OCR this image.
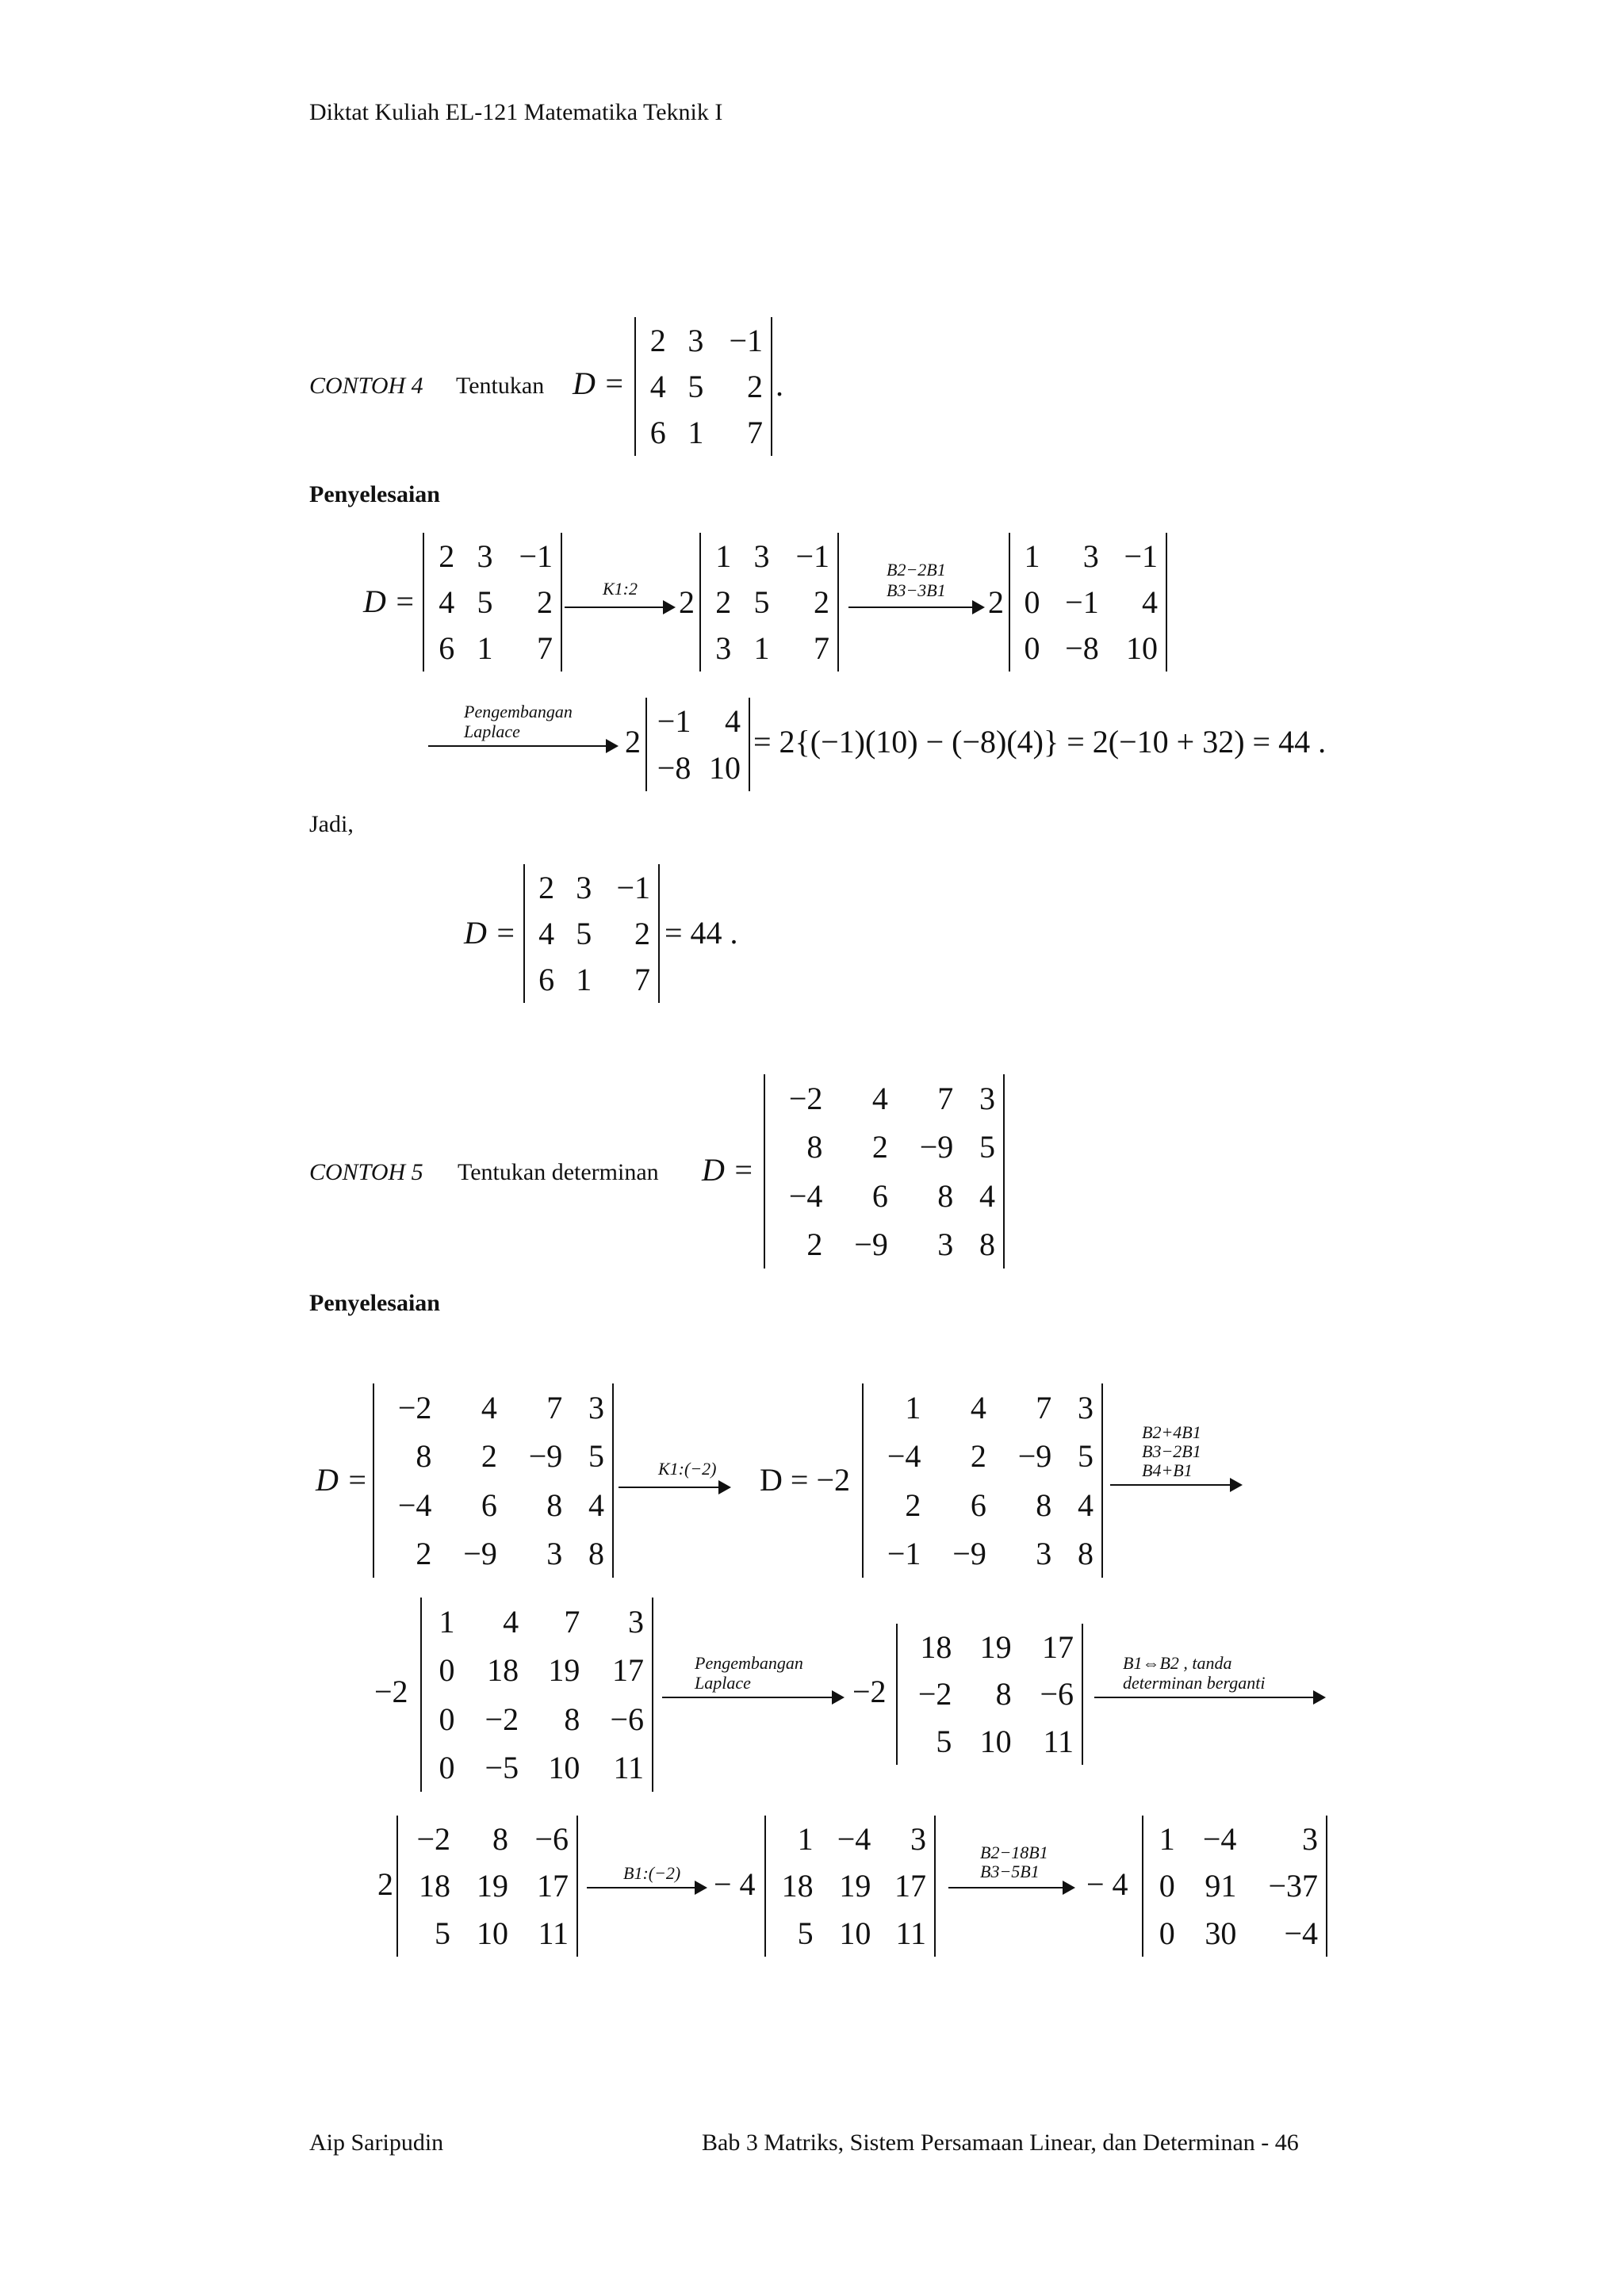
Diktat Kuliah EL-121 Matematika Teknik I
CONTOH 4 Tentukan D =
2	3	−1
4	5	2
6	1	7
.
Penyelesaian
D =
2	3	−1
4	5	2
6	1	7
K1:2 2
1	3	−1
2	5	2
3	1	7
B2−2B1
B3−3B1 2
1	3	−1
0	−1	4
0	−8	10
Pengembangan
Laplace	2
−1	4
−8	10
= 2{(−1)(10) − (−8)(4)} = 2(−10 + 32) = 44 .
Jadi,
D =
2	3	−1
4	5	2
6	1	7
= 44 .
CONTOH 5 Tentukan determinan D =
−2	4	7	3
8	2	−9	5
−4	6	8	4
2	−9	3	8
Penyelesaian
D =
−2	4	7	3
8	2	−9	5
−4	6	8	4
2	−9	3	8
K1:(−2) D = −2
1	4	7	3
−4	2	−9	5
2	6	8	4
−1	−9	3	8
B2+4B1
B3−2B1
B4+B1
−2
1	4	7	3
0	18	19	17
0	−2	8	−6
0	−5	10	11
Pengembangan
Laplace	−2
18	19	17
−2	8	−6
5	10	11
B1⇔B2 , tanda
determinan berganti
2
−2	8	−6
18	19	17
5	10	11
B1:(−2) − 4
1	−4	3
18	19	17
5	10	11
B2−18B1
B3−5B1 − 4
1	−4	3
0	91	−37
0	30	−4
Aip Saripudin	Bab 3 Matriks, Sistem Persamaan Linear, dan Determinan - 46
